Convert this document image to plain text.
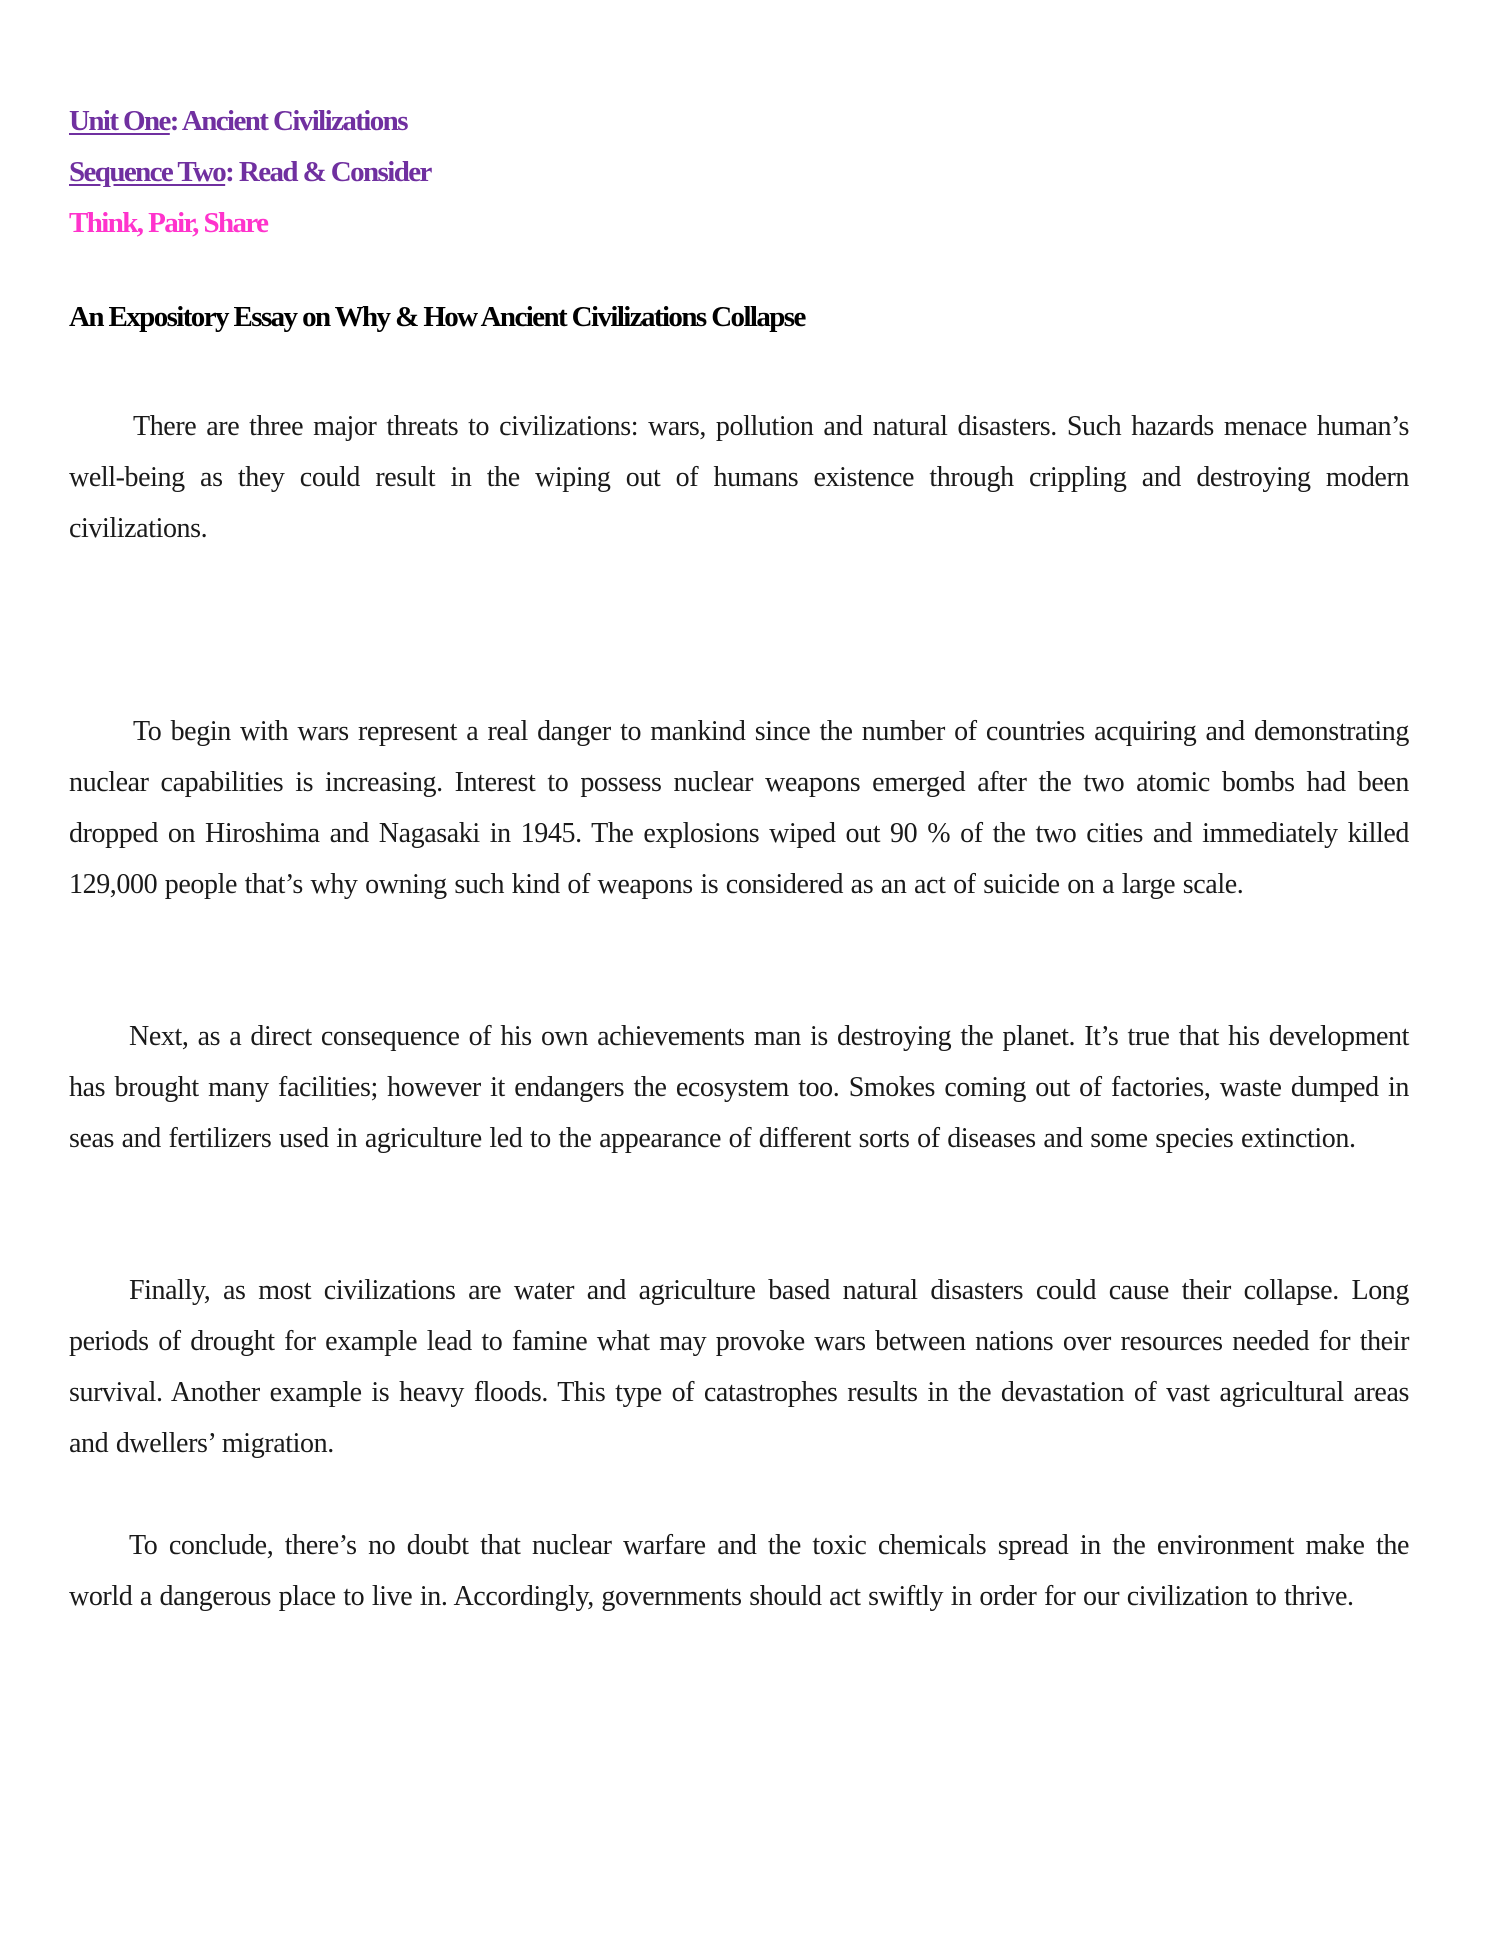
Unit One: Ancient Civilizations

Sequence Two: Read & Consider

Think, Pair, Share

An Expository Essay on Why & How Ancient Civilizations Collapse

There are three major threats to civilizations: wars, pollution and natural disasters. Such hazards menace human’s well-being as they could result in the wiping out of humans existence through crippling and destroying modern civilizations.

To begin with wars represent a real danger to mankind since the number of countries acquiring and demonstrating nuclear capabilities is increasing. Interest to possess nuclear weapons emerged after the two atomic bombs had been dropped on Hiroshima and Nagasaki in 1945. The explosions wiped out 90 % of the two cities and immediately killed 129,000 people that’s why owning such kind of weapons is considered as an act of suicide on a large scale.

Next, as a direct consequence of his own achievements man is destroying the planet. It’s true that his development has brought many facilities; however it endangers the ecosystem too. Smokes coming out of factories, waste dumped in seas and fertilizers used in agriculture led to the appearance of different sorts of diseases and some species extinction.

Finally, as most civilizations are water and agriculture based natural disasters could cause their collapse. Long periods of drought for example lead to famine what may provoke wars between nations over resources needed for their survival. Another example is heavy floods. This type of catastrophes results in the devastation of vast agricultural areas and dwellers’ migration.

To conclude, there’s no doubt that nuclear warfare and the toxic chemicals spread in the environment make the world a dangerous place to live in. Accordingly, governments should act swiftly in order for our civilization to thrive.
